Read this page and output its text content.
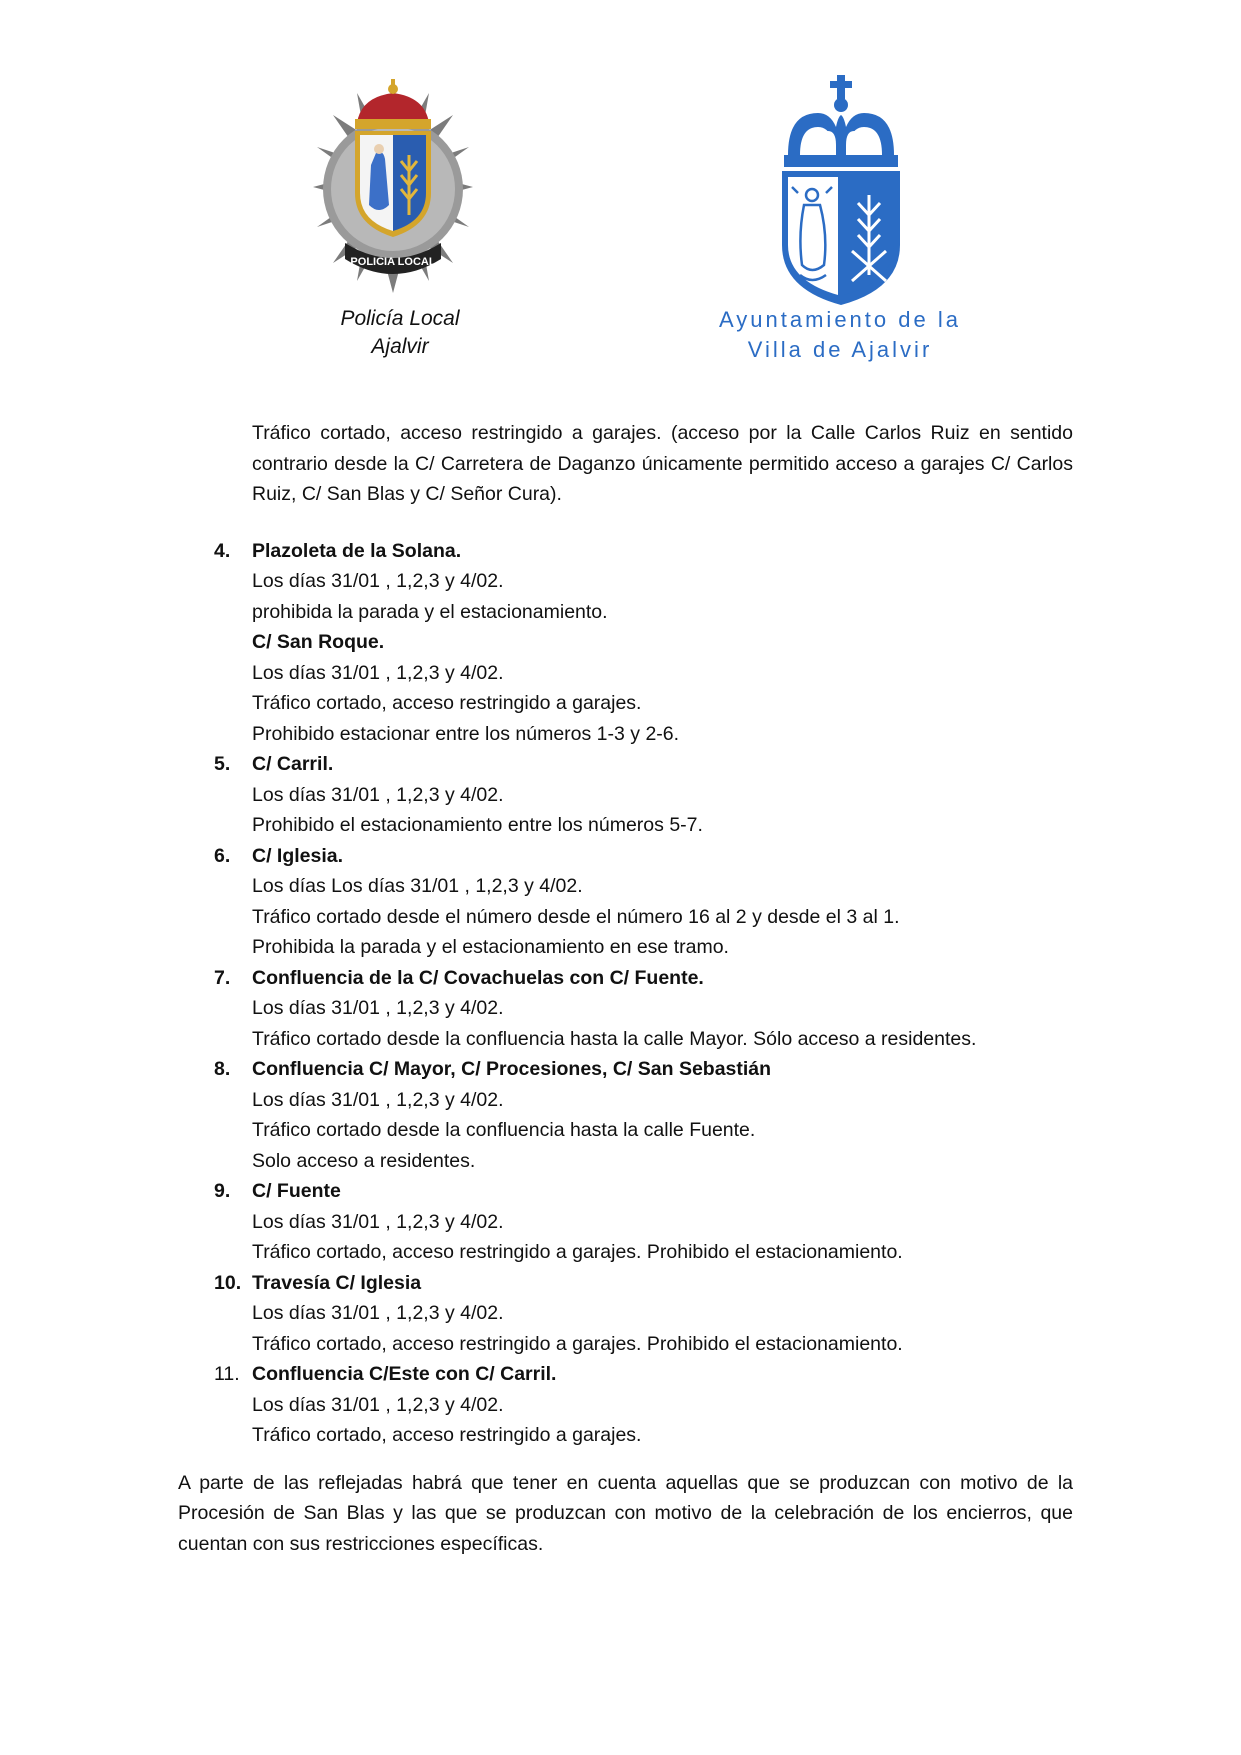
POLICIA LOCAL
Policía Local
Ajalvir
Ayuntamiento de la
Villa de Ajalvir

Tráfico cortado, acceso restringido a garajes. (acceso por la Calle Carlos Ruiz en sentido contrario desde la C/ Carretera de Daganzo únicamente permitido acceso a garajes C/ Carlos Ruiz, C/ San Blas y C/ Señor Cura).

4.	Plazoleta de la Solana.
Los días 31/01 , 1,2,3 y 4/02.
prohibida la parada y el estacionamiento.
C/ San Roque.
Los días 31/01 , 1,2,3 y 4/02.
Tráfico cortado, acceso restringido a garajes.
Prohibido estacionar entre los números 1-3 y 2-6.
5.	C/ Carril.
Los días 31/01 , 1,2,3 y 4/02.
Prohibido el estacionamiento entre los números 5-7.
6.	C/ Iglesia.
Los días Los días 31/01 , 1,2,3 y 4/02.
Tráfico cortado desde el número desde el número 16 al 2 y desde el 3 al 1.
Prohibida la parada y el estacionamiento en ese tramo.
7.	Confluencia de la C/ Covachuelas con C/ Fuente.
Los días 31/01 , 1,2,3 y 4/02.
Tráfico cortado desde la confluencia hasta la calle Mayor. Sólo acceso a residentes.
8.	Confluencia C/ Mayor, C/ Procesiones, C/ San Sebastián
Los días 31/01 , 1,2,3 y 4/02.
Tráfico cortado desde la confluencia hasta la calle Fuente.
Solo acceso a residentes.
9.	C/ Fuente
Los días 31/01 , 1,2,3 y 4/02.
Tráfico cortado, acceso restringido a garajes. Prohibido el estacionamiento.
10. Travesía C/ Iglesia
Los días 31/01 , 1,2,3 y 4/02.
Tráfico cortado, acceso restringido a garajes. Prohibido el estacionamiento.
11. Confluencia C/Este con C/ Carril.
Los días 31/01 , 1,2,3 y 4/02.
Tráfico cortado, acceso restringido a garajes.

A parte de las reflejadas habrá que tener en cuenta aquellas que se produzcan con motivo de la Procesión de San Blas y las que se produzcan con motivo de la celebración de los encierros, que cuentan con sus restricciones específicas.
